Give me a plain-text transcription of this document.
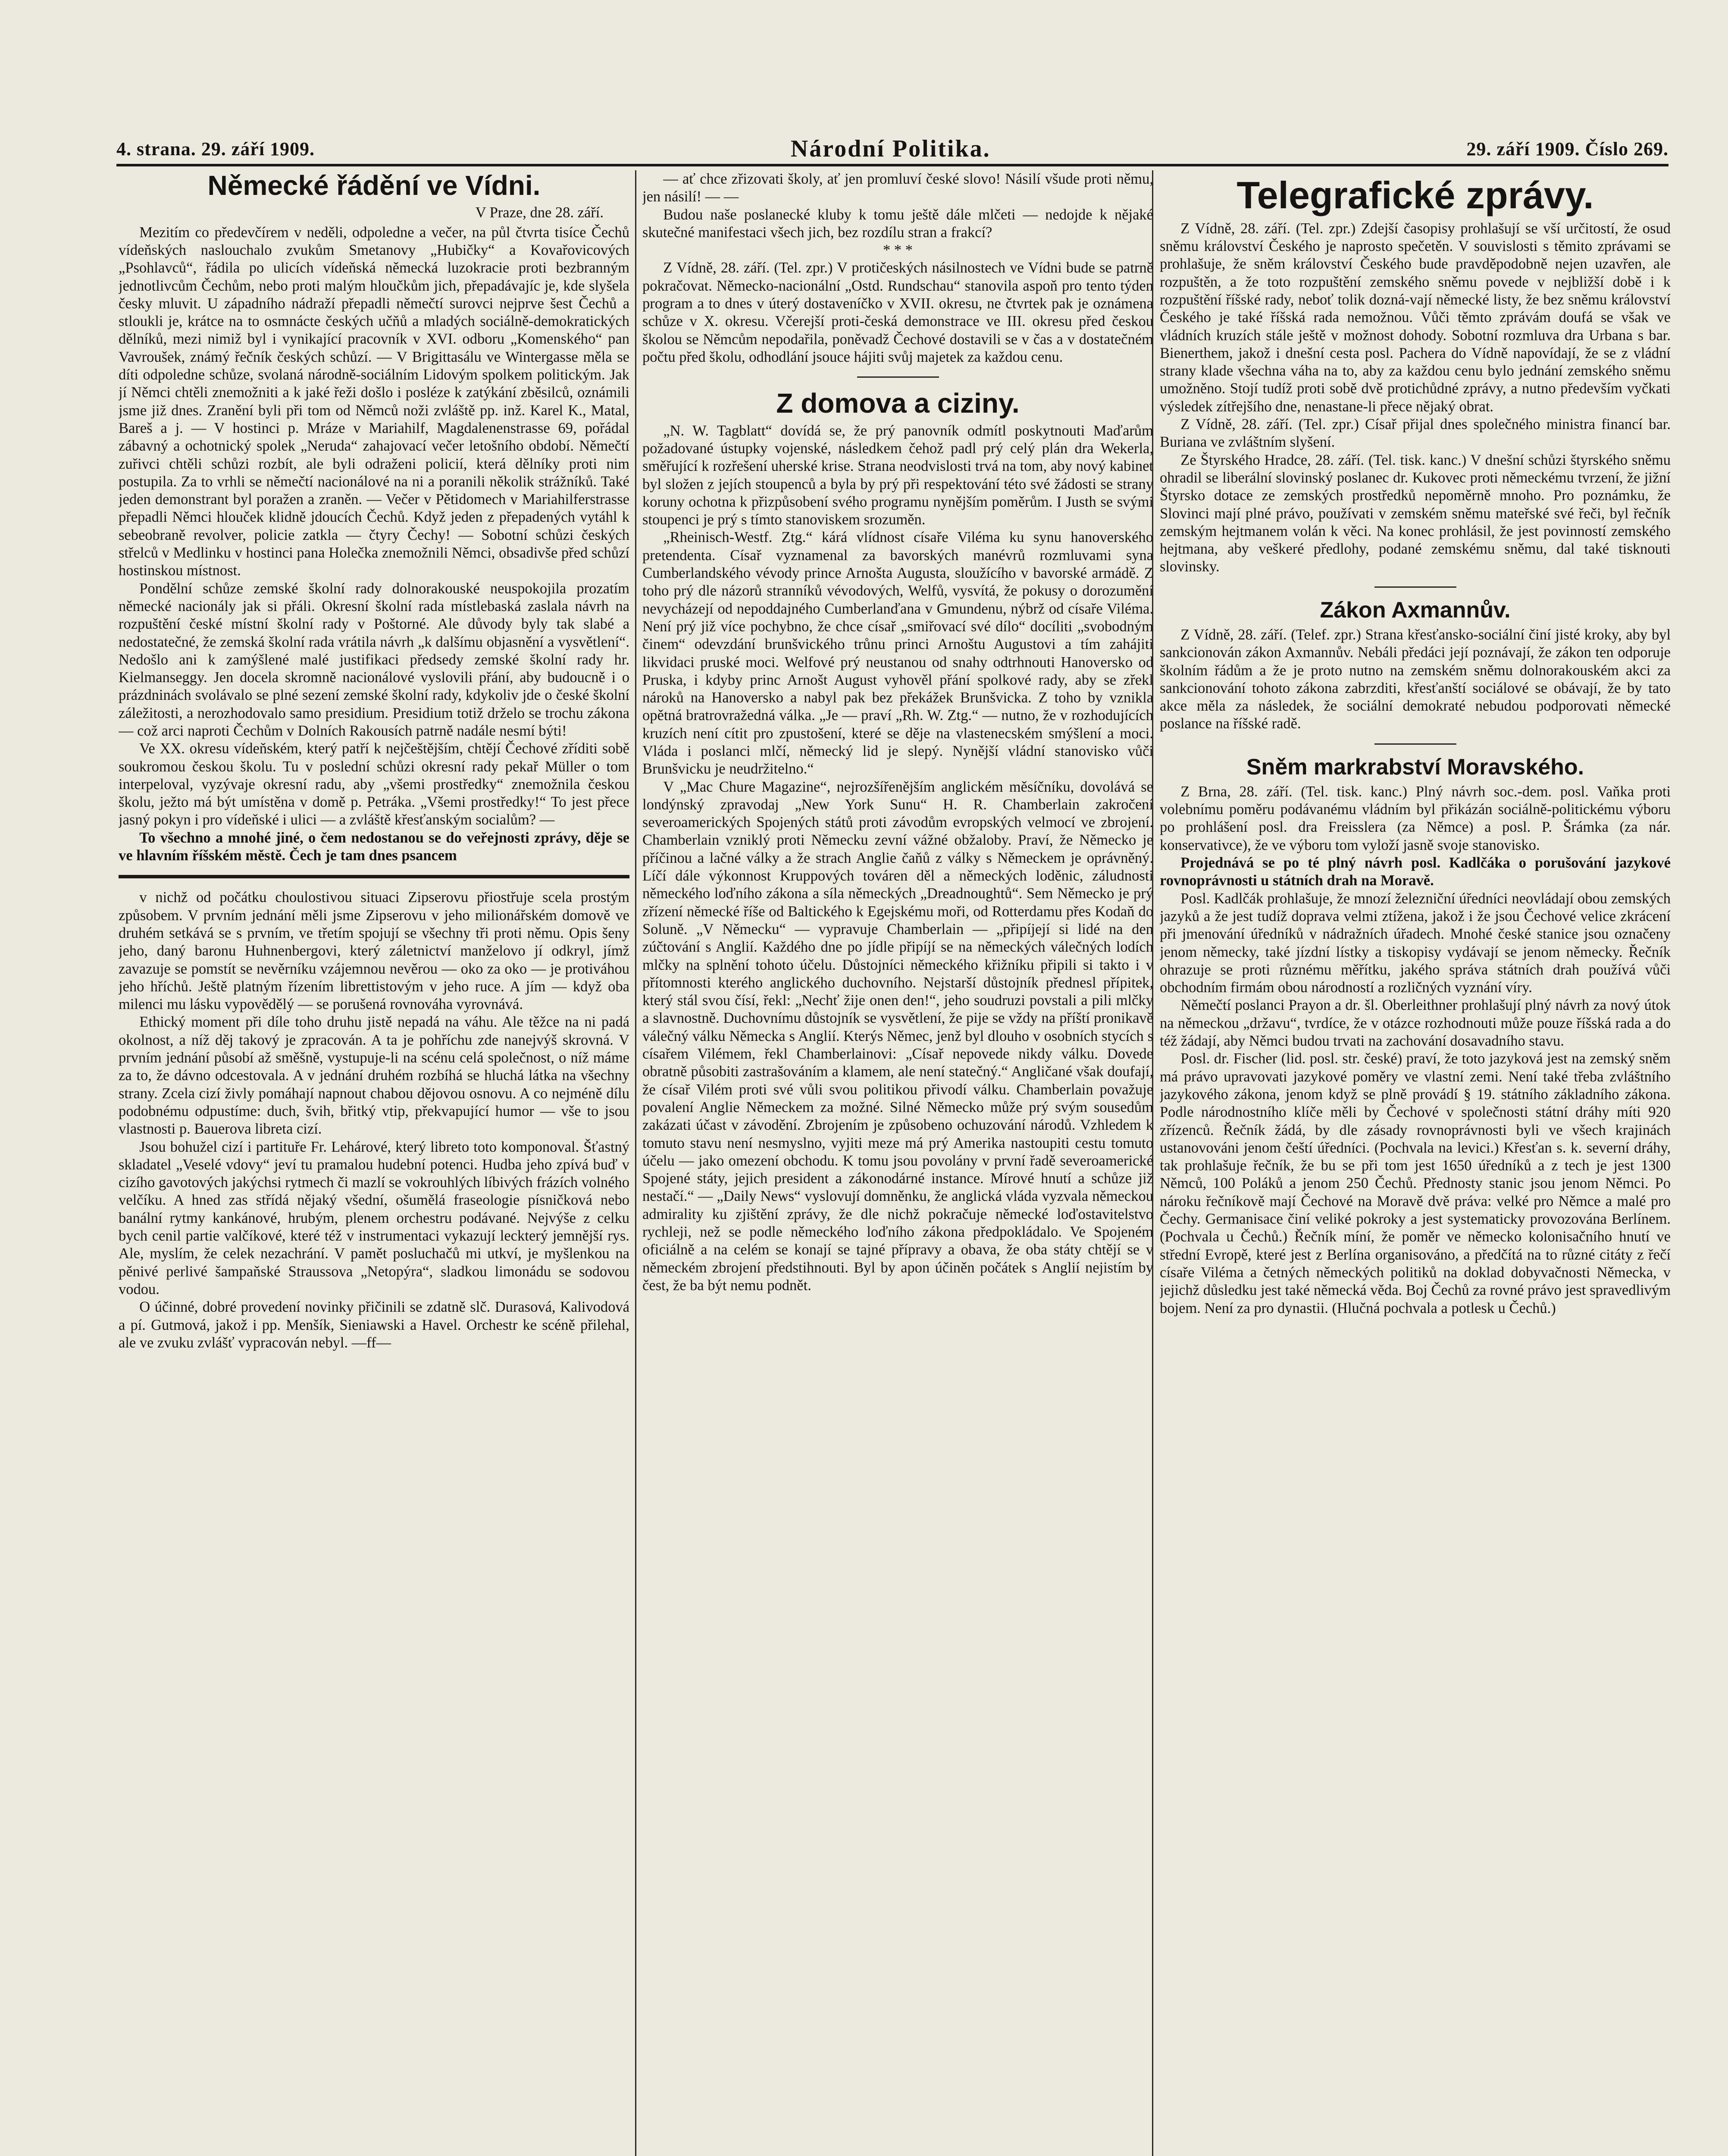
4. strana. 29. září 1909.	Národní Politika.	29. září 1909. Číslo 269.
Německé řádění ve Vídni.
V Praze, dne 28. září.

Mezitím co předevčírem v neděli, odpoledne a večer, na půl čtvrta tisíce Čechů vídeňských naslouchalo zvukům Smetanovy „Hubičky“ a Kovařovicových „Psohlavců“, řádila po ulicích vídeňská německá luzokracie proti bezbranným jednotlivcům Čechům, nebo proti malým hloučkům jich, přepadávajíc je, kde slyšela česky mluvit. U západního nádraží přepadli němečtí surovci nejprve šest Čechů a stloukli je, krátce na to osmnácte českých učňů a mladých sociálně-demokratických dělníků, mezi nimiž byl i vynikající pracovník v XVI. odboru „Komenského“ pan Vavroušek, známý řečník českých schůzí. — V Brigittasálu ve Wintergasse měla se díti odpoledne schůze, svolaná národně-sociálním Lidovým spolkem politickým. Jak jí Němci chtěli znemožniti a k jaké řeži došlo i posléze k zatýkání zběsilců, oznámili jsme již dnes. Zranění byli při tom od Němců noži zvláště pp. inž. Karel K., Matal, Bareš a j. — V hostinci p. Mráze v Mariahilf, Magdalenenstrasse 69, pořádal zábavný a ochotnický spolek „Neruda“ zahajovací večer letošního období. Němečtí zuřivci chtěli schůzi rozbít, ale byli odraženi policií, která dělníky proti nim postupila. Za to vrhli se němečtí nacionálové na ni a poranili několik strážníků. Také jeden demonstrant byl poražen a zraněn. — Večer v Pětidomech v Mariahilferstrasse přepadli Němci hlouček klidně jdoucích Čechů. Když jeden z přepadených vytáhl k sebeobraně revolver, policie zatkla — čtyry Čechy! — Sobotní schůzi českých střelců v Medlinku v hostinci pana Holečka znemožnili Němci, obsadivše před schůzí hostinskou místnost.

Pondělní schůze zemské školní rady dolnorakouské neuspokojila prozatím německé nacionály jak si přáli. Okresní školní rada místlebaská zaslala návrh na rozpuštění české místní školní rady v Poštorné. Ale důvody byly tak slabé a nedostatečné, že zemská školní rada vrátila návrh „k dalšímu objasnění a vysvětlení“. Nedošlo ani k zamýšlené malé justifikaci předsedy zemské školní rady hr. Kielmanseggy. Jen docela skromně nacionálové vyslovili přání, aby budoucně i o prázdninách svolávalo se plné sezení zemské školní rady, kdykoliv jde o české školní záležitosti, a nerozhodovalo samo presidium. Presidium totiž drželo se trochu zákona — což arci naproti Čechům v Dolních Rakousích patrně nadále nesmí býti!

Ve XX. okresu vídeňském, který patří k nejčeštějším, chtějí Čechové zříditi sobě soukromou českou školu. Tu v poslední schůzi okresní rady pekař Müller o tom interpeloval, vyzývaje okresní radu, aby „všemi prostředky“ znemožnila českou školu, ježto má být umístěna v domě p. Petráka. „Všemi prostředky!“ To jest přece jasný pokyn i pro vídeňské i ulici — a zvláště křesťanským socialům? —

To všechno a mnohé jiné, o čem nedostanou se do veřejnosti zprávy, děje se ve hlavním říšském městě. Čech je tam dnes psancem

v nichž od počátku choulostivou situaci Zipserovu přiostřuje scela prostým způsobem. V prvním jednání měli jsme Zipserovu v jeho milionářském domově ve druhém setkává se s prvním, ve třetím spojují se všechny tři proti němu. Opis šeny jeho, daný baronu Huhnenbergovi, který záletnictví manželovo jí odkryl, jímž zavazuje se pomstít se nevěrníku vzájemnou nevěrou — oko za oko — je protiváhou jeho hříchů. Ještě platným řízením librettistovým v jeho ruce. A jím — když oba milenci mu lásku vypovědělý — se porušená rovnováha vyrovnává.

Ethický moment při díle toho druhu jistě nepadá na váhu. Ale těžce na ni padá okolnost, a níž děj takový je zpracován. A ta je pohříchu zde nanejvýš skrovná. V prvním jednání působí až směšně, vystupuje-li na scénu celá společnost, o níž máme za to, že dávno odcestovala. A v jednání druhém rozbíhá se hluchá látka na všechny strany. Zcela cizí živly pomáhají napnout chabou dějovou osnovu. A co nejméně dílu podobnému odpustíme: duch, švih, břitký vtip, překvapující humor — vše to jsou vlastnosti p. Bauerova libreta cizí.

Jsou bohužel cizí i partituře Fr. Lehárové, který libreto toto komponoval. Šťastný skladatel „Veselé vdovy“ jeví tu pramalou hudební potenci. Hudba jeho zpívá buď v cizího gavotových jakýchsi rytmech či mazlí se vokrouhlých líbivých frázích volného velčíku. A hned zas střídá nějaký všední, ošumělá fraseologie písničková nebo banální rytmy kankánové, hrubým, plenem orchestru podávané. Nejvýše z celku bych cenil partie valčíkové, které též v instrumentaci vykazují leckterý jemnější rys. Ale, myslím, že celek nezachrání. V pamět posluchačů mi utkví, je myšlenkou na pěnivé perlivé šampaňské Straussova „Netopýra“, sladkou limonádu se sodovou vodou.

O účinné, dobré provedení novinky přičinili se zdatně slč. Durasová, Kalivodová a pí. Gutmová, jakož i pp. Menšík, Sieniawski a Havel. Orchestr ke scéně přilehal, ale ve zvuku zvlášť vypracován nebyl. —ff—

— ať chce zřizovati školy, ať jen promluví české slovo! Násilí všude proti němu, jen násilí! — —

Budou naše poslanecké kluby k tomu ještě dále mlčeti — nedojde k nějaké skutečné manifestaci všech jich, bez rozdílu stran a frakcí?

* * *

Z Vídně, 28. září. (Tel. zpr.) V protičeských násilnostech ve Vídni bude se patrně pokračovat. Německo-nacionální „Ostd. Rundschau“ stanovila aspoň pro tento týden program a to dnes v úterý dostaveníčko v XVII. okresu, ne čtvrtek pak je oznámena schůze v X. okresu. Včerejší proti-česká demonstrace ve III. okresu před českou školou se Němcům nepodařila, poněvadž Čechové dostavili se v čas a v dostatečném počtu před školu, odhodlání jsouce hájiti svůj majetek za každou cenu.

Z domova a ciziny.

„N. W. Tagblatt“ dovídá se, že prý panovník odmítl poskytnouti Maďarům požadované ústupky vojenské, následkem čehož padl prý celý plán dra Wekerla, směřující k rozřešení uherské krise. Strana neodvislosti trvá na tom, aby nový kabinet byl složen z jejích stoupenců a byla by prý při respektování této své žádosti se strany koruny ochotna k přizpůsobení svého programu nynějším poměrům. I Justh se svými stoupenci je prý s tímto stanoviskem srozuměn.

„Rheinisch-Westf. Ztg.“ kárá vlídnost císaře Viléma ku synu hanoverského pretendenta. Císař vyznamenal za bavorských manévrů rozmluvami syna Cumberlandského vévody prince Arnošta Augusta, sloužícího v bavorské armádě. Z toho prý dle názorů stranníků vévodových, Welfů, vysvítá, že pokusy o dorozumění nevycházejí od nepoddajného Cumberlanďana v Gmundenu, nýbrž od císaře Viléma. Není prý již více pochybno, že chce císař „smiřovací své dílo“ docíliti „svobodným činem“ odevzdání brunšvického trůnu princi Arnoštu Augustovi a tím zahájiti likvidaci pruské moci. Welfové prý neustanou od snahy odtrhnouti Hanoversko od Pruska, i kdyby princ Arnošt August vyhověl přání spolkové rady, aby se zřekl nároků na Hanoversko a nabyl pak bez překážek Brunšvicka. Z toho by vznikla opětná bratrovražedná válka. „Je — praví „Rh. W. Ztg.“ — nutno, že v rozhodujících kruzích není cítit pro zpustošení, které se děje na vlastenecském smýšlení a moci. Vláda i poslanci mlčí, německý lid je slepý. Nynější vládní stanovisko vůči Brunšvicku je neudržitelno.“

V „Mac Chure Magazine“, nejrozšířenějším anglickém měsíčníku, dovolává se londýnský zpravodaj „New York Sunu“ H. R. Chamberlain zakročení severoamerických Spojených států proti závodům evropských velmocí ve zbrojení. Chamberlain vzniklý proti Německu zevní vážné obžaloby. Praví, že Německo je příčinou a lačné války a že strach Anglie čaňů z války s Německem je oprávněný. Líčí dále výkonnost Kruppových továren děl a německých loděnic, záludnosti německého loďního zákona a síla německých „Dreadnoughtů“. Sem Německo je prý zřízení německé říše od Baltického k Egejskému moři, od Rotterdamu přes Kodaň do Soluně. „V Německu“ — vypravuje Chamberlain — „připíjejí si lidé na den zúčtování s Anglií. Každého dne po jídle připíjí se na německých válečných lodích mlčky na splnění tohoto účelu. Důstojníci německého křižníku připili si takto i v přítomnosti kterého anglického duchovního. Nejstarší důstojník přednesl přípitek, který stál svou čísí, řekl: „Nechť žije onen den!“, jeho soudruzi povstali a pili mlčky a slavnostně. Duchovnímu důstojník se vysvětlení, že pije se vždy na příští pronikavě válečný válku Německa s Anglií. Kterýs Němec, jenž byl dlouho v osobních stycích s císařem Vilémem, řekl Chamberlainovi: „Císař nepovede nikdy válku. Dovede obratně působiti zastrašováním a klamem, ale není statečný.“ Angličané však doufají, že císař Vilém proti své vůli svou politikou přivodí válku. Chamberlain považuje povalení Anglie Německem za možné. Silné Německo může prý svým sousedům zakázati účast v závodění. Zbrojením je způsobeno ochuzování národů. Vzhledem k tomuto stavu není nesmyslno, vyjiti meze má prý Amerika nastoupiti cestu tomuto účelu — jako omezení obchodu. K tomu jsou povolány v první řadě severoamerické Spojené státy, jejich president a zákonodárné instance. Mírové hnutí a schůze již nestačí.“ — „Daily News“ vyslovují domněnku, že anglická vláda vyzvala německou admirality ku zjištění zprávy, že dle nichž pokračuje německé loďostavitelstvo rychleji, než se podle německého loďního zákona předpokládalo. Ve Spojeném oficiálně a na celém se konají se tajné přípravy a obava, že oba státy chtějí se v německém zbrojení předstihnouti. Byl by apon účiněn počátek s Anglií nejistím by čest, že ba být nemu podnět.

Telegrafické zprávy.

Z Vídně, 28. září. (Tel. zpr.) Zdejší časopisy prohlašují se vší určitostí, že osud sněmu království Českého je naprosto spečetěn. V souvislosti s těmito zprávami se prohlašuje, že sněm království Českého bude pravděpodobně nejen uzavřen, ale rozpuštěn, a že toto rozpuštění zemského sněmu povede v nejbližší době i k rozpuštění říšské rady, neboť tolik dozná-vají německé listy, že bez sněmu království Českého je také říšská rada nemožnou. Vůči těmto zprávám doufá se však ve vládních kruzích stále ještě v možnost dohody. Sobotní rozmluva dra Urbana s bar. Bienerthem, jakož i dnešní cesta posl. Pachera do Vídně napovídají, že se z vládní strany klade všechna váha na to, aby za každou cenu bylo jednání zemského sněmu umožněno. Stojí tudíž proti sobě dvě protichůdné zprávy, a nutno především vyčkati výsledek zítřejšího dne, nenastane-li přece nějaký obrat.

Z Vídně, 28. září. (Tel. zpr.) Císař přijal dnes společného ministra financí bar. Buriana ve zvláštním slyšení.

Ze Štyrského Hradce, 28. září. (Tel. tisk. kanc.) V dnešní schůzi štyrského sněmu ohradil se liberální slovinský poslanec dr. Kukovec proti německému tvrzení, že jižní Štyrsko dotace ze zemských prostředků nepoměrně mnoho. Pro poznámku, že Slovinci mají plné právo, používati v zemském sněmu mateřské své řeči, byl řečník zemským hejtmanem volán k věci. Na konec prohlásil, že jest povinností zemského hejtmana, aby veškeré předlohy, podané zemskému sněmu, dal také tisknouti slovinsky.

Zákon Axmannův.

Z Vídně, 28. září. (Telef. zpr.) Strana křesťansko-sociální činí jisté kroky, aby byl sankcionován zákon Axmannův. Nebáli předáci její poznávají, že zákon ten odporuje školním řádům a že je proto nutno na zemském sněmu dolnorakouském akci za sankcionování tohoto zákona zabrzditi, křesťanští sociálové se obávají, že by tato akce měla za následek, že sociální demokraté nebudou podporovati německé poslance na říšské radě.

Sněm markrabství Moravského.

Z Brna, 28. září. (Tel. tisk. kanc.) Plný návrh soc.-dem. posl. Vaňka proti volebnímu poměru podávanému vládním byl přikázán sociálně-politickému výboru po prohlášení posl. dra Freisslera (za Němce) a posl. P. Šrámka (za nár. konservativce), že ve výboru tom vyloží jasně svoje stanovisko.

Projednává se po té plný návrh posl. Kadlčáka o porušování jazykové rovnoprávnosti u státních drah na Moravě.

Posl. Kadlčák prohlašuje, že mnozí železniční úředníci neovládají obou zemských jazyků a že jest tudíž doprava velmi ztížena, jakož i že jsou Čechové velice zkrácení při jmenování úředníků v nádražních úřadech. Mnohé české stanice jsou označeny jenom německy, také jízdní lístky a tiskopisy vydávají se jenom německy. Řečník ohrazuje se proti různému měřítku, jakého správa státních drah používá vůči obchodním firmám obou národností a rozličných vyznání víry.

Němečtí poslanci Prayon a dr. šl. Oberleithner prohlašují plný návrh za nový útok na německou „državu“, tvrdíce, že v otázce rozhodnouti může pouze říšská rada a do též žádají, aby Němci budou trvati na zachování dosavadního stavu.

Posl. dr. Fischer (lid. posl. str. české) praví, že toto jazyková jest na zemský sněm má právo upravovati jazykové poměry ve vlastní zemi. Není také třeba zvláštního jazykového zákona, jenom když se plně provádí § 19. státního základního zákona. Podle národnostního klíče měli by Čechové v společnosti státní dráhy míti 920 zřízenců. Řečník žádá, by dle zásady rovnoprávnosti byli ve všech krajinách ustanovováni jenom čeští úředníci. (Pochvala na levici.) Křesťan s. k. severní dráhy, tak prohlašuje řečník, že bu se při tom jest 1650 úředníků a z tech je jest 1300 Němců, 100 Poláků a jenom 250 Čechů. Přednosty stanic jsou jenom Němci. Po nároku řečníkově mají Čechové na Moravě dvě práva: velké pro Němce a malé pro Čechy. Germanisace činí veliké pokroky a jest systematicky provozována Berlínem. (Pochvala u Čechů.) Řečník míní, že poměr ve německo kolonisačního hnutí ve střední Evropě, které jest z Berlína organisováno, a předčítá na to různé citáty z řečí císaře Viléma a četných německých politiků na doklad dobyvačnosti Německa, v jejichž důsledku jest také německá věda. Boj Čechů za rovné právo jest spravedlivým bojem. Není za pro dynastii. (Hlučná pochvala a potlesk u Čechů.)
